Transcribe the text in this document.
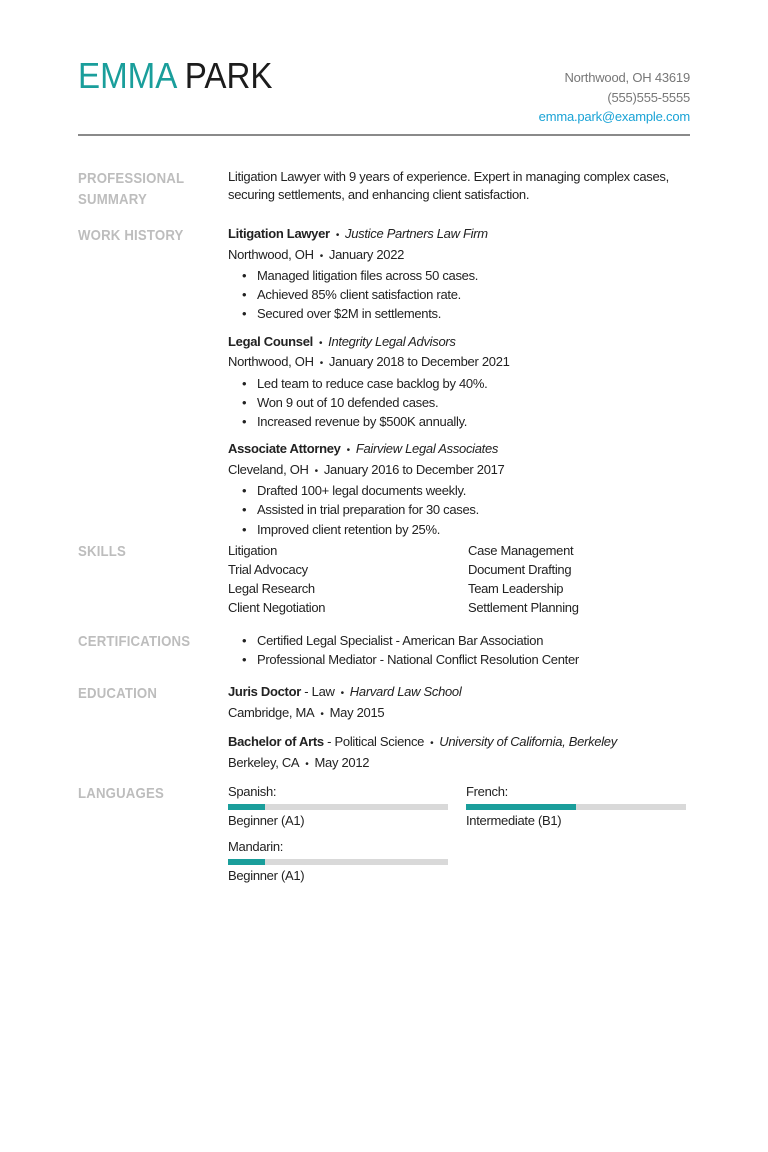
EMMA PARK	Northwood, OH 43619
(555)555-5555
emma.park@example.com
PROFESSIONAL SUMMARY
Litigation Lawyer with 9 years of experience. Expert in managing complex cases, securing settlements, and enhancing client satisfaction.
WORK HISTORY	Litigation Lawyer • Justice Partners Law Firm
Northwood, OH • January 2022
• Managed litigation files across 50 cases.
• Achieved 85% client satisfaction rate.
• Secured over $2M in settlements.
Legal Counsel • Integrity Legal Advisors
Northwood, OH • January 2018 to December 2021
• Led team to reduce case backlog by 40%.
• Won 9 out of 10 defended cases.
• Increased revenue by $500K annually.
Associate Attorney • Fairview Legal Associates
Cleveland, OH • January 2016 to December 2017
• Drafted 100+ legal documents weekly.
• Assisted in trial preparation for 30 cases.
• Improved client retention by 25%.
SKILLS	Litigation	Case Management
Trial Advocacy	Document Drafting
Legal Research	Team Leadership
Client Negotiation	Settlement Planning
CERTIFICATIONS	• Certified Legal Specialist - American Bar Association
• Professional Mediator - National Conflict Resolution Center
EDUCATION	Juris Doctor - Law • Harvard Law School
Cambridge, MA • May 2015
Bachelor of Arts - Political Science • University of California, Berkeley
Berkeley, CA • May 2012
LANGUAGES	Spanish:
Beginner (A1)
French:
Intermediate (B1)
Mandarin:
Beginner (A1)
